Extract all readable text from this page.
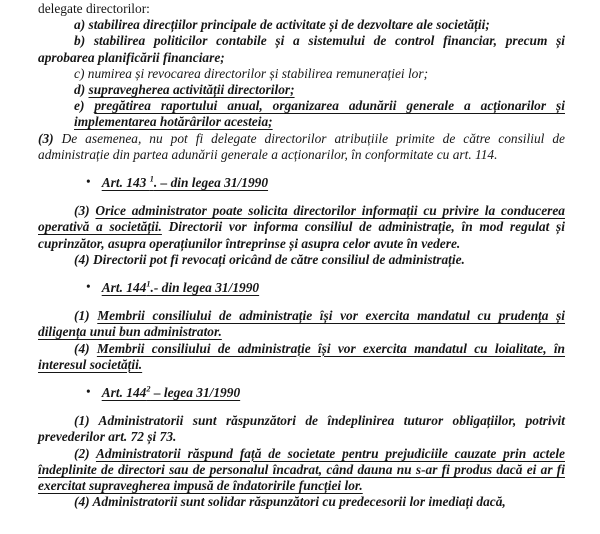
delegate directorilor:

a) stabilirea direcțiilor principale de activitate și de dezvoltare ale societății;

b) stabilirea politicilor contabile și a sistemului de control financiar, precum și aprobarea planificării financiare;

c) numirea și revocarea directorilor și stabilirea remunerației lor;

d) supravegherea activității directorilor;

e) pregătirea raportului anual, organizarea adunării generale a acționarilor și implementarea hotărârilor acesteia;

(3) De asemenea, nu pot fi delegate directorilor atribuțiile primite de către consiliul de administrație din partea adunării generale a acționarilor, în conformitate cu art. 114.

• Art. 143 $^1$. – din legea 31/1990

(3) Orice administrator poate solicita directorilor informații cu privire la conducerea operativă a societății. Directorii vor informa consiliul de administrație, în mod regulat și cuprinzător, asupra operațiunilor întreprinse și asupra celor avute în vedere.

(4) Directorii pot fi revocați oricând de către consiliul de administrație.

• Art. $144^1.-$ din legea 31/1990

(1) Membrii consiliului de administrație își vor exercita mandatul cu prudența și diligența unui bun administrator.

(4) Membrii consiliului de administrație își vor exercita mandatul cu loialitate, în interesul societății.

• Art. $144^2$ – legea 31/1990

(1) Administratorii sunt răspunzători de îndeplinirea tuturor obligațiilor, potrivit prevederilor art. 72 și 73.

(2) Administratorii răspund față de societate pentru prejudiciile cauzate prin actele îndeplinite de directori sau de personalul încadrat, când dauna nu s-ar fi produs dacă ei ar fi exercitat supravegherea impusă de îndatoririle funcției lor.

(4) Administratorii sunt solidar răspunzători cu predecesorii lor imediați dacă,
